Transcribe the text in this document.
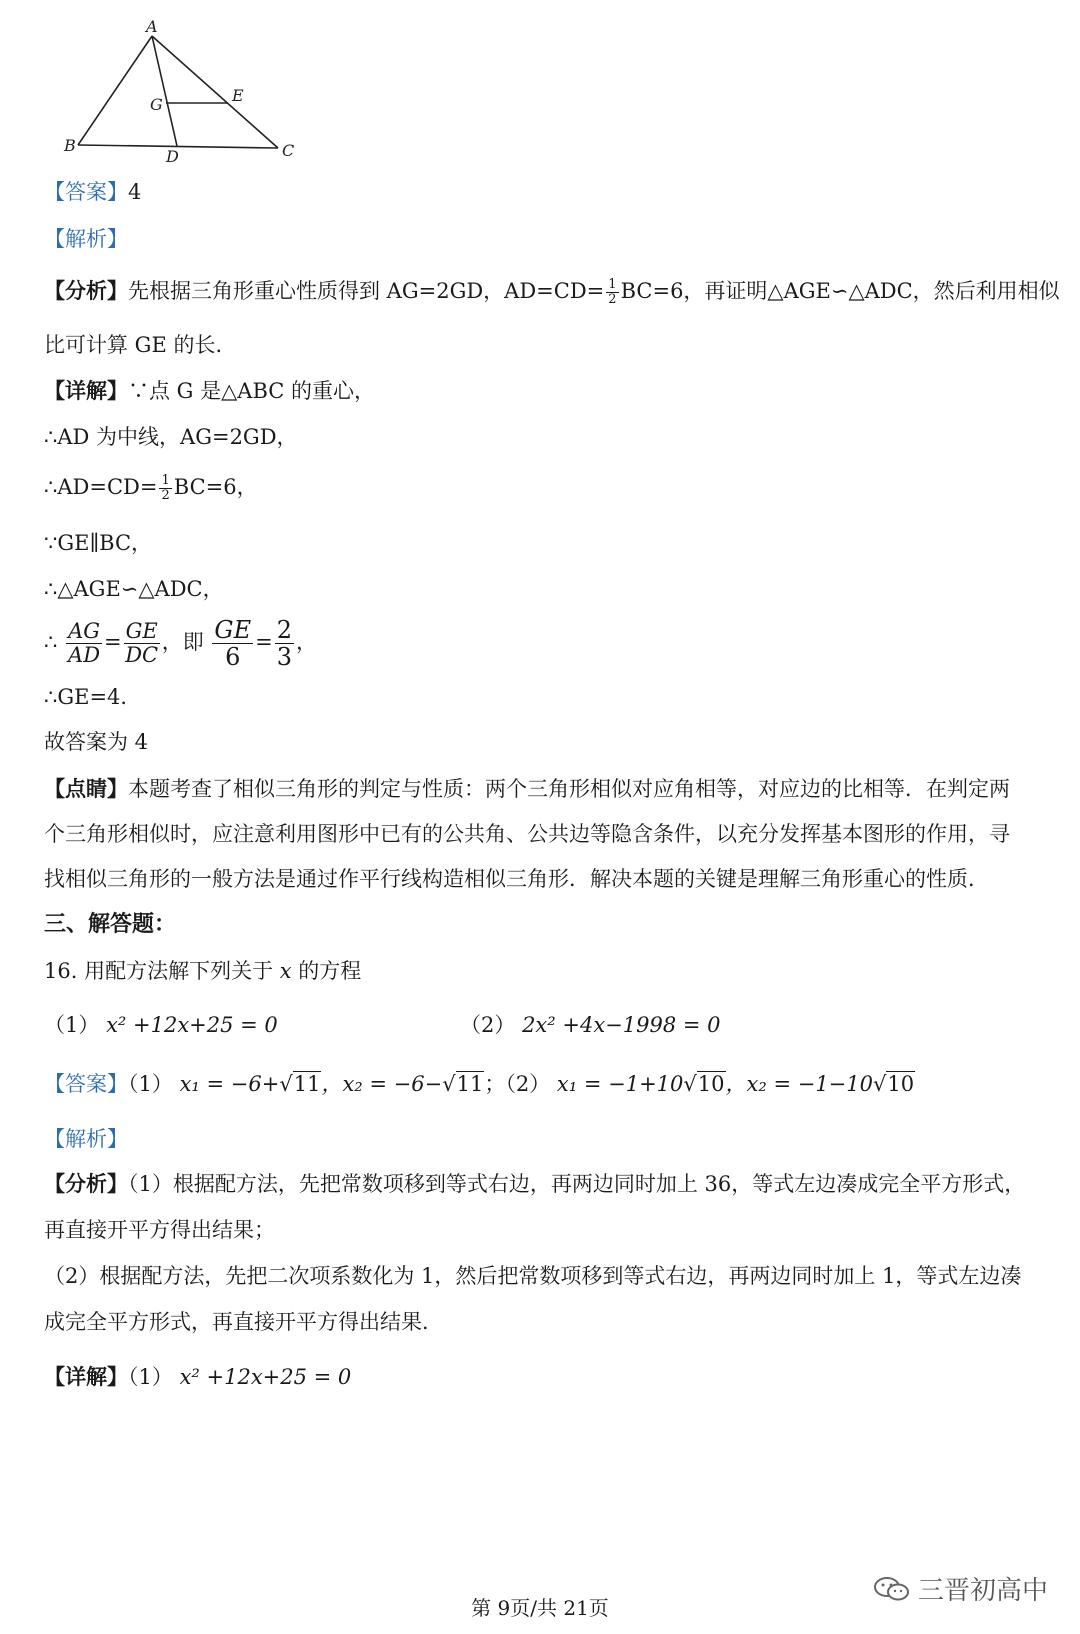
A
B	C
D
E
G
【答案】4
【解析】
【分析】先根据三角形重心性质得到 AG=2GD，$AD=CD= \frac{1}{2} BC=6$，再证明△AGE∽△ADC，然后利用相似
比可计算 GE 的长．
【详解】∵点 G 是△ABC 的重心，
∴AD 为中线，AG=2GD，
∴AD=CD= $\frac{1}{2} BC=6$，
∵GE∥BC，
∴△AGE∽△ADC，
∴ $\frac{AG}{AD} = \frac{GE}{DC}$ ，即 $\frac{GE}{6} = \frac{2}{3}$ ，
∴GE=4．
故答案为 4
【点睛】本题考查了相似三角形的判定与性质：两个三角形相似对应角相等，对应边的比相等．在判定两
个三角形相似时，应注意利用图形中已有的公共角、公共边等隐含条件，以充分发挥基本图形的作用，寻
找相似三角形的一般方法是通过作平行线构造相似三角形．解决本题的关键是理解三角形重心的性质．
三、解答题：
16. 用配方法解下列关于 x 的方程
（1） x² +12x+25 = 0	（2） 2x² +4x−1998 = 0
【答案】（1） x₁ = −6+√11，x₂ = −6−√11；（2） x₁ = −1+10√10，x₂ = −1−10√10
【解析】
【分析】（1）根据配方法，先把常数项移到等式右边，再两边同时加上 36，等式左边凑成完全平方形式，
再直接开平方得出结果；
（2）根据配方法，先把二次项系数化为 1，然后把常数项移到等式右边，再两边同时加上 1，等式左边凑
成完全平方形式，再直接开平方得出结果．
【详解】（1） x² +12x+25 = 0
三晋初高中
第 9页/共 21页
